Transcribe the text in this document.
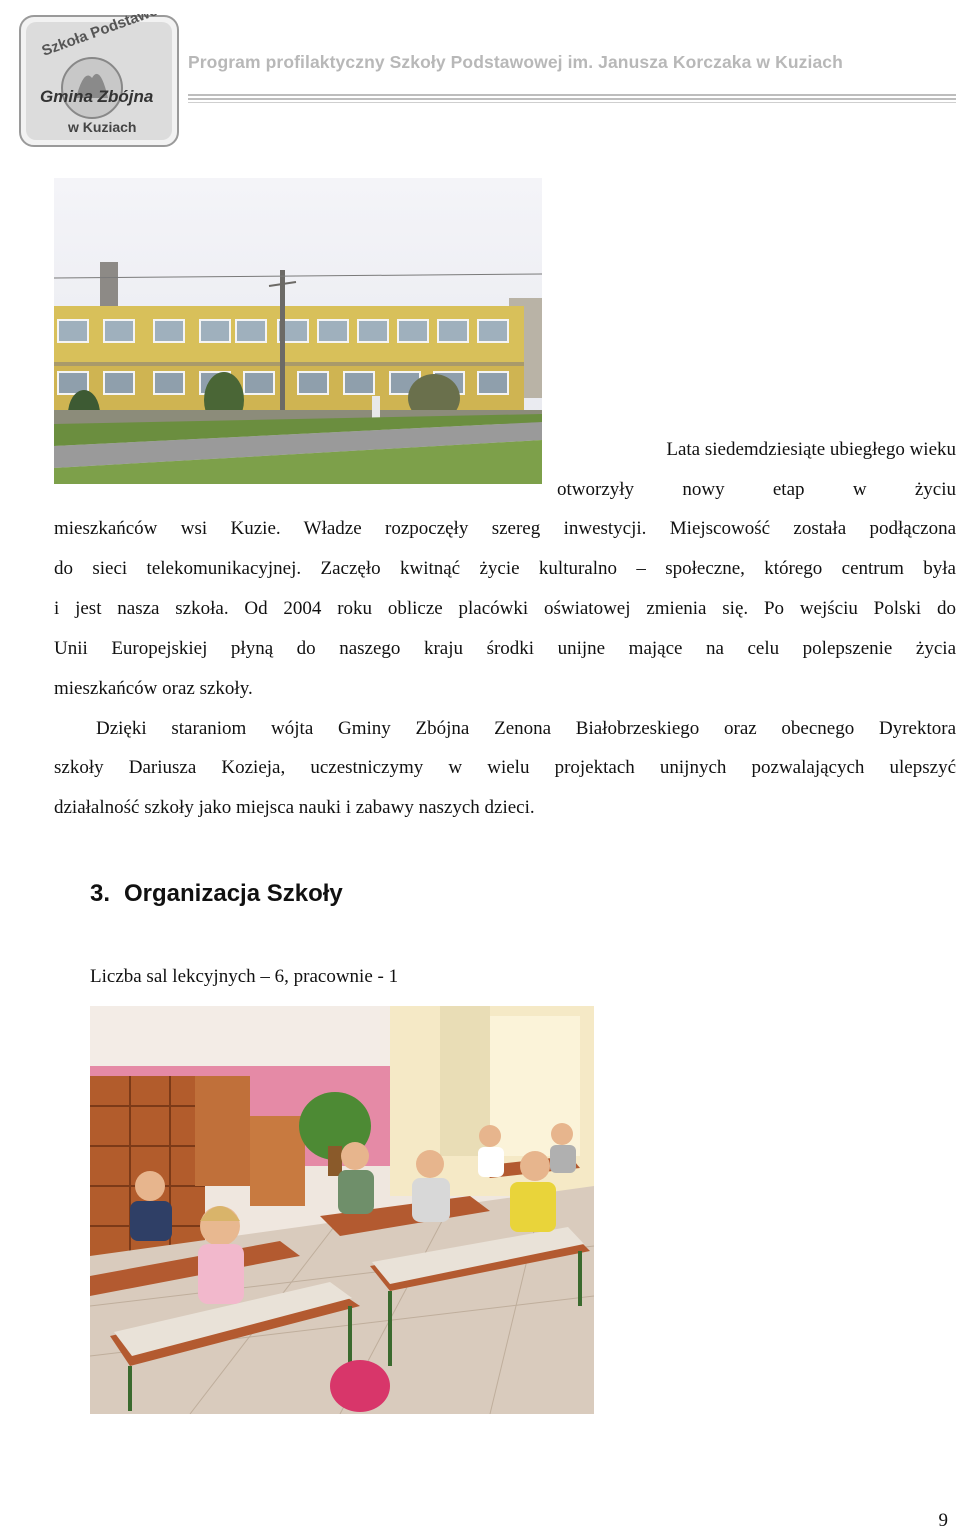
Szkoła
Gmina Zbójna
w Kuziach
Program profilaktyczny Szkoły Podstawowej im. Janusza Korczaka w Kuziach
Lata siedemdziesiąte ubiegłego wieku
otworzyły nowy etap w życiu
mieszkańców wsi Kuzie. Władze rozpoczęły szereg inwestycji. Miejscowość została podłączona
do sieci telekomunikacyjnej. Zaczęło kwitnąć życie kulturalno – społeczne, którego centrum była
i jest nasza szkoła. Od 2004 roku oblicze placówki oświatowej zmienia się. Po wejściu Polski do
Unii Europejskiej płyną do naszego kraju środki unijne mające na celu polepszenie życia
mieszkańców oraz szkoły.
Dzięki staraniom wójta Gminy Zbójna Zenona Białobrzeskiego oraz obecnego Dyrektora
szkoły Dariusza Kozieja, uczestniczymy w wielu projektach unijnych pozwalających ulepszyć
działalność szkoły jako miejsca nauki i zabawy naszych dzieci.
3. Organizacja Szkoły
Liczba sal lekcyjnych – 6, pracownie - 1
9
